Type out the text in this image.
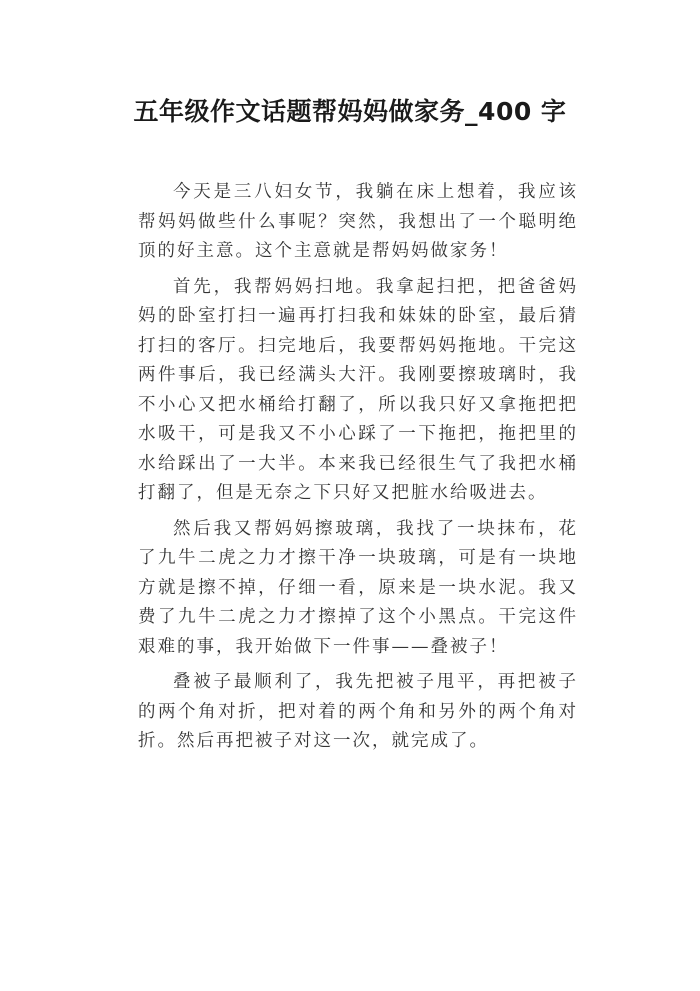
五年级作文话题帮妈妈做家务_400 字

今天是三八妇女节，我躺在床上想着，我应该帮妈妈做些什么事呢？突然，我想出了一个聪明绝顶的好主意。这个主意就是帮妈妈做家务！

首先，我帮妈妈扫地。我拿起扫把，把爸爸妈妈的卧室打扫一遍再打扫我和妹妹的卧室，最后猜打扫的客厅。扫完地后，我要帮妈妈拖地。干完这两件事后，我已经满头大汗。我刚要擦玻璃时，我不小心又把水桶给打翻了，所以我只好又拿拖把把水吸干，可是我又不小心踩了一下拖把，拖把里的水给踩出了一大半。本来我已经很生气了我把水桶打翻了，但是无奈之下只好又把脏水给吸进去。

然后我又帮妈妈擦玻璃，我找了一块抹布，花了九牛二虎之力才擦干净一块玻璃，可是有一块地方就是擦不掉，仔细一看，原来是一块水泥。我又费了九牛二虎之力才擦掉了这个小黑点。干完这件艰难的事，我开始做下一件事——叠被子！

叠被子最顺利了，我先把被子甩平，再把被子的两个角对折，把对着的两个角和另外的两个角对折。然后再把被子对这一次，就完成了。
